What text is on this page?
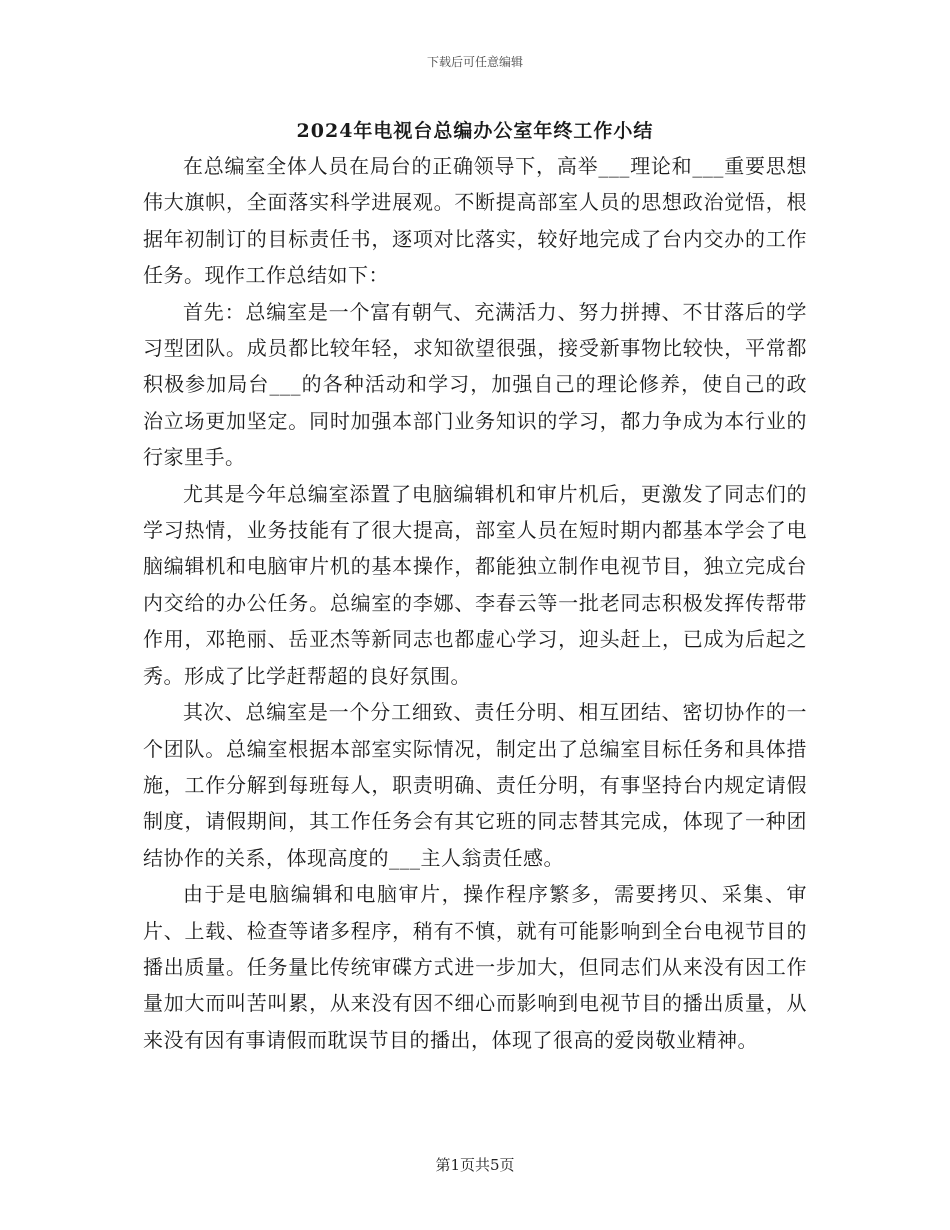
下载后可任意编辑
2024年电视台总编办公室年终工作小结

在总编室全体人员在局台的正确领导下，高举___理论和___重要思想伟大旗帜，全面落实科学进展观。不断提高部室人员的思想政治觉悟，根据年初制订的目标责任书，逐项对比落实，较好地完成了台内交办的工作任务。现作工作总结如下：

首先：总编室是一个富有朝气、充满活力、努力拼搏、不甘落后的学习型团队。成员都比较年轻，求知欲望很强，接受新事物比较快，平常都积极参加局台___的各种活动和学习，加强自己的理论修养，使自己的政治立场更加坚定。同时加强本部门业务知识的学习，都力争成为本行业的行家里手。

尤其是今年总编室添置了电脑编辑机和审片机后，更激发了同志们的学习热情，业务技能有了很大提高，部室人员在短时期内都基本学会了电脑编辑机和电脑审片机的基本操作，都能独立制作电视节目，独立完成台内交给的办公任务。总编室的李娜、李春云等一批老同志积极发挥传帮带作用，邓艳丽、岳亚杰等新同志也都虚心学习，迎头赶上，已成为后起之秀。形成了比学赶帮超的良好氛围。

其次、总编室是一个分工细致、责任分明、相互团结、密切协作的一个团队。总编室根据本部室实际情况，制定出了总编室目标任务和具体措施，工作分解到每班每人，职责明确、责任分明，有事坚持台内规定请假制度，请假期间，其工作任务会有其它班的同志替其完成，体现了一种团结协作的关系，体现高度的___主人翁责任感。

由于是电脑编辑和电脑审片，操作程序繁多，需要拷贝、采集、审片、上载、检查等诸多程序，稍有不慎，就有可能影响到全台电视节目的播出质量。任务量比传统审碟方式进一步加大，但同志们从来没有因工作量加大而叫苦叫累，从来没有因不细心而影响到电视节目的播出质量，从来没有因有事请假而耽误节目的播出，体现了很高的爱岗敬业精神。

第1页共5页
